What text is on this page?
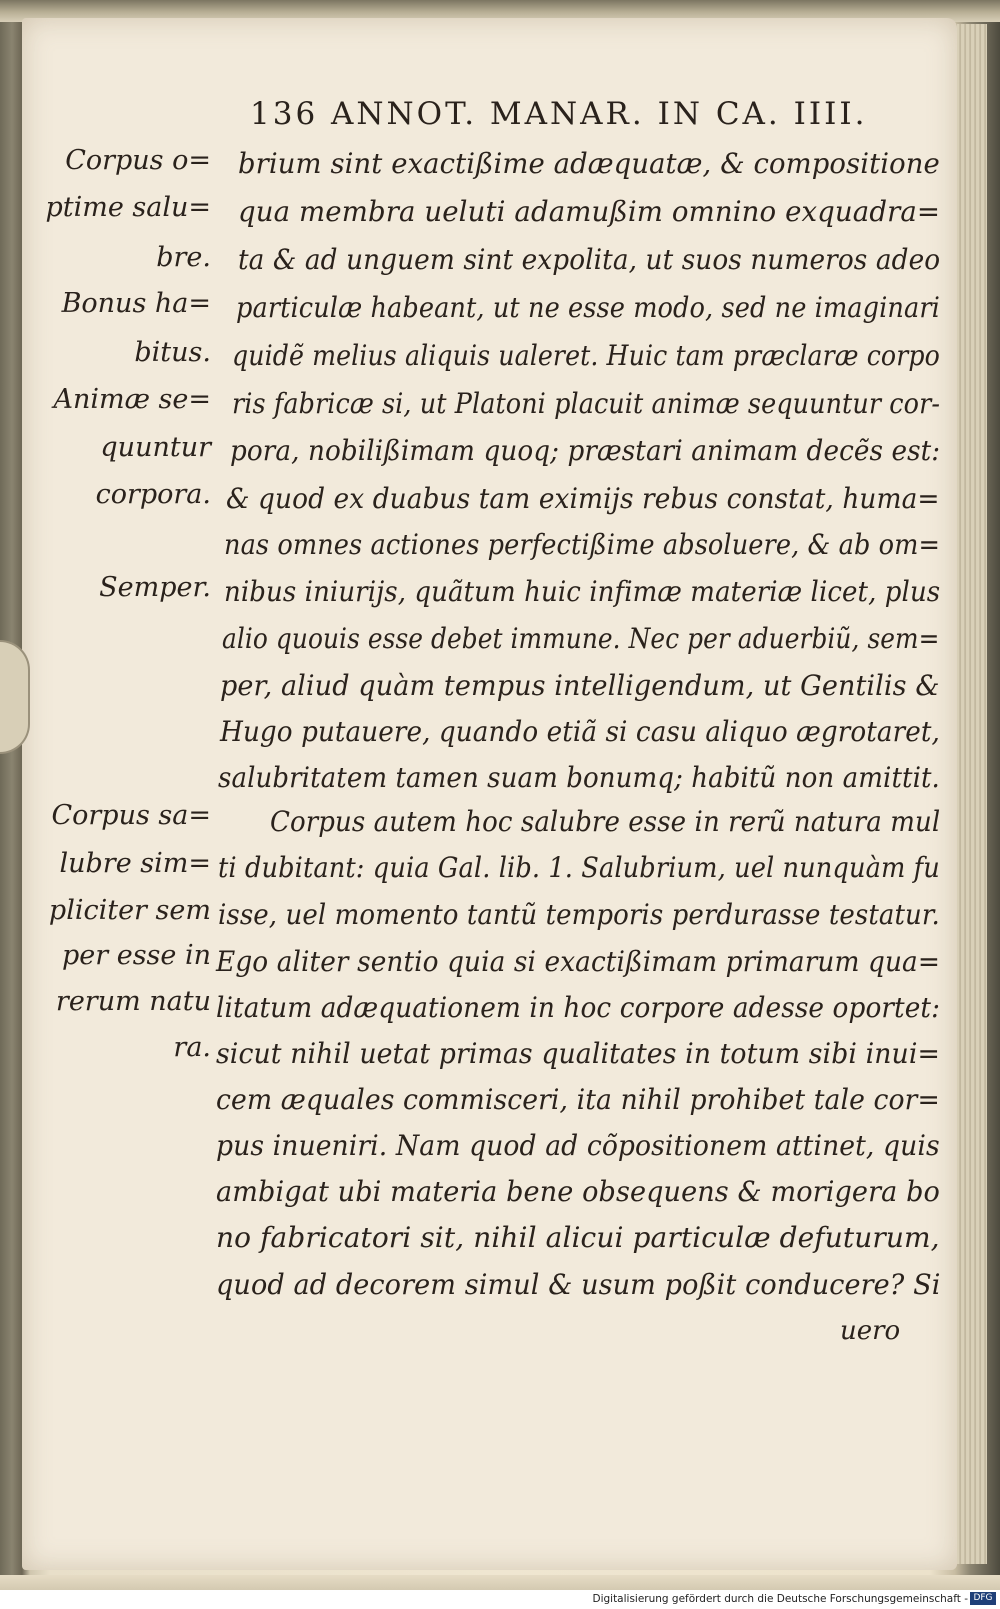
136 ANNOT. MANAR. IN CA. IIII.
Corpus o=
ptime salu=
bre.
Bonus ha=
bitus.
Animæ se=
quuntur
corpora.
Semper.
Corpus sa=
lubre sim=
pliciter sem
per esse in
rerum natu
ra.
brium sint exactißime adæquatæ, & compositione
qua membra ueluti adamußim omnino exquadra=
ta & ad unguem sint expolita, ut suos numeros adeo
particulæ habeant, ut ne esse modo, sed ne imaginari
quidẽ melius aliquis ualeret. Huic tam præclaræ corpo
ris fabricæ si, ut Platoni placuit animæ sequuntur cor-
pora, nobilißimam quoq; præstari animam decẽs est:
& quod ex duabus tam eximijs rebus constat, huma=
nas omnes actiones perfectißime absoluere, & ab om=
nibus iniurijs, quãtum huic infimæ materiæ licet, plus
alio quouis esse debet immune. Nec per aduerbiũ, sem=
per, aliud quàm tempus intelligendum, ut Gentilis &
Hugo putauere, quando etiã si casu aliquo ægrotaret,
salubritatem tamen suam bonumq; habitũ non amittit.
Corpus autem hoc salubre esse in rerũ natura mul
ti dubitant: quia Gal. lib. 1. Salubrium, uel nunquàm fu
isse, uel momento tantũ temporis perdurasse testatur.
Ego aliter sentio quia si exactißimam primarum qua=
litatum adæquationem in hoc corpore adesse oportet:
sicut nihil uetat primas qualitates in totum sibi inui=
cem æquales commisceri, ita nihil prohibet tale cor=
pus inueniri. Nam quod ad cõpositionem attinet, quis
ambigat ubi materia bene obsequens & morigera bo
no fabricatori sit, nihil alicui particulæ defuturum,
quod ad decorem simul & usum poßit conducere? Si
uero
Digitalisierung gefördert durch die Deutsche Forschungsgemeinschaft - DFG
